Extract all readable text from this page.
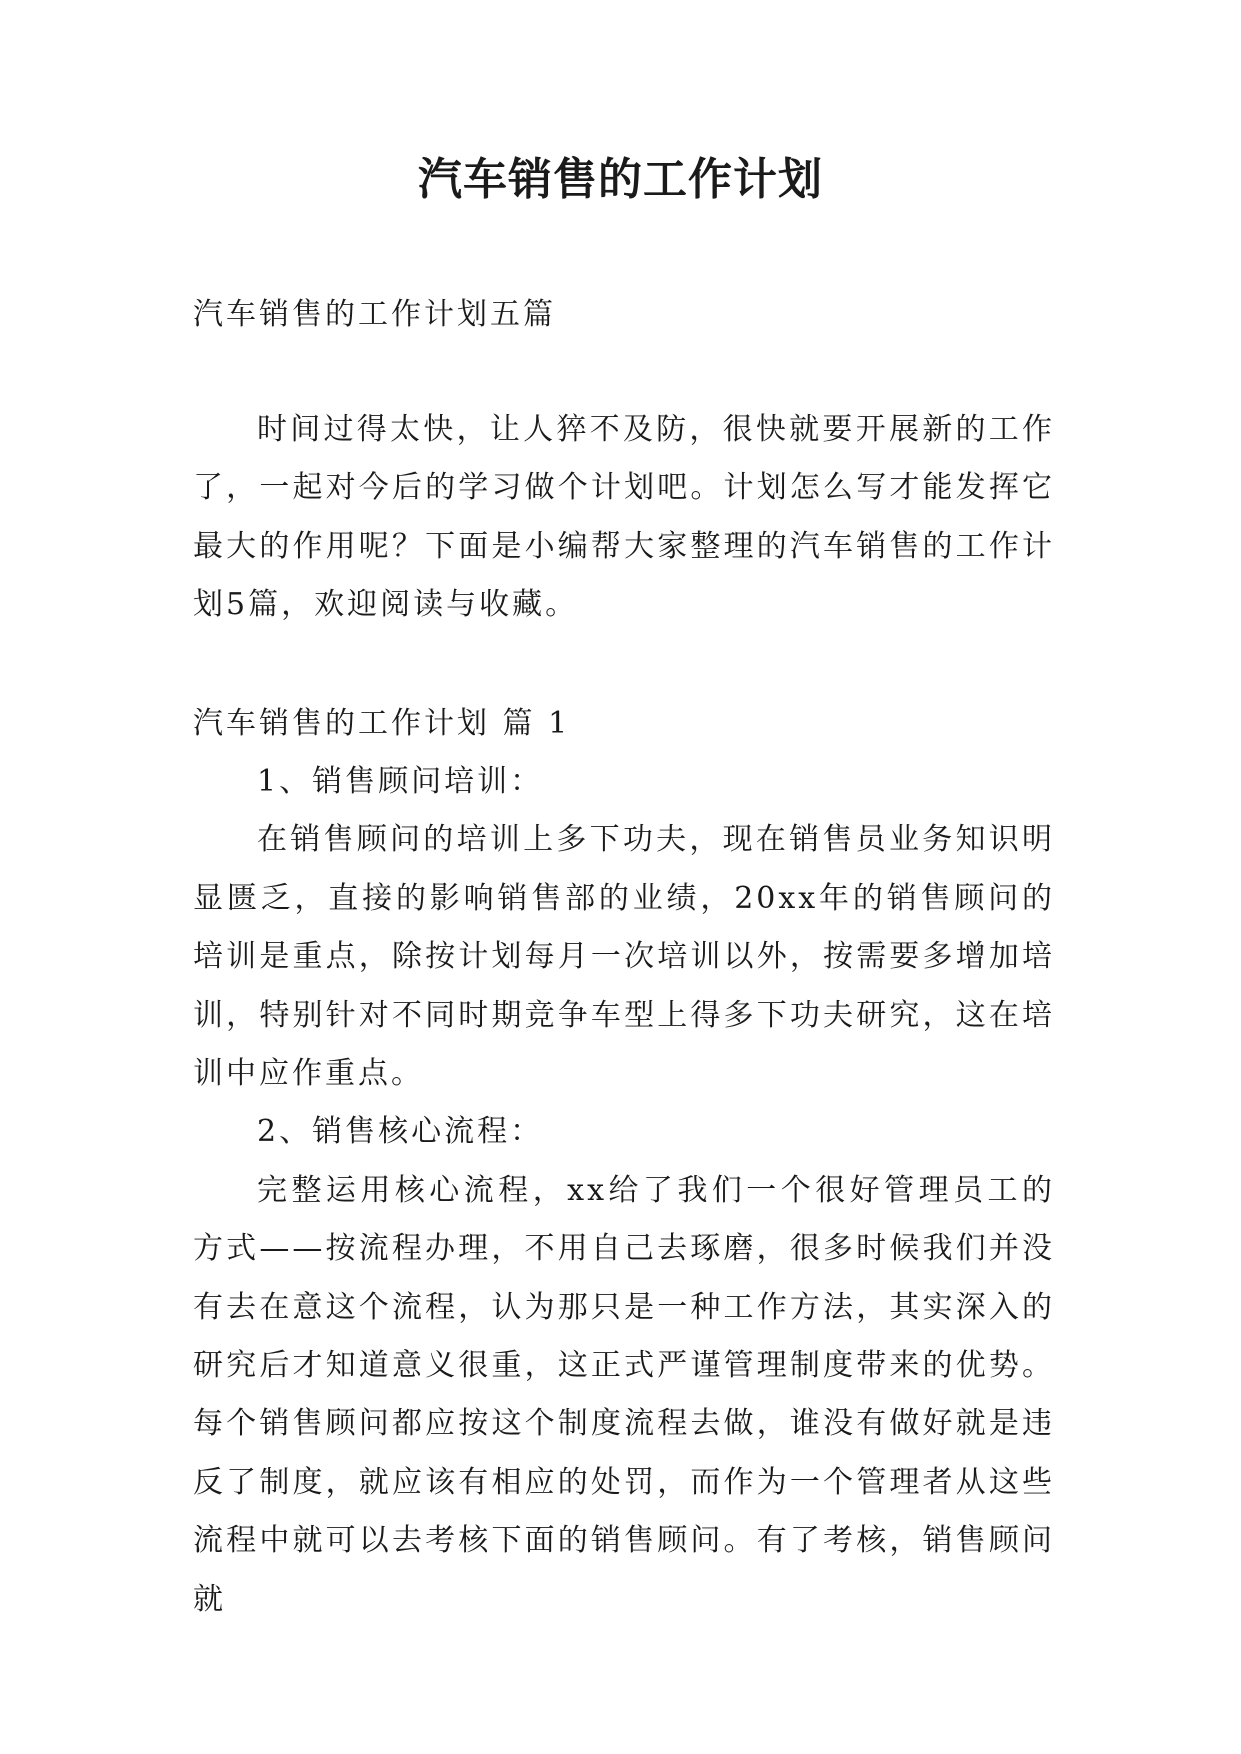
汽车销售的工作计划

汽车销售的工作计划五篇

时间过得太快，让人猝不及防，很快就要开展新的工作了，一起对今后的学习做个计划吧。计划怎么写才能发挥它最大的作用呢？下面是小编帮大家整理的汽车销售的工作计划5篇，欢迎阅读与收藏。

汽车销售的工作计划 篇 1

1、销售顾问培训：

在销售顾问的培训上多下功夫，现在销售员业务知识明显匮乏，直接的影响销售部的业绩，20xx年的销售顾问的培训是重点，除按计划每月一次培训以外，按需要多增加培训，特别针对不同时期竞争车型上得多下功夫研究，这在培训中应作重点。

2、销售核心流程：

完整运用核心流程，xx给了我们一个很好管理员工的方式——按流程办理，不用自己去琢磨，很多时候我们并没有去在意这个流程，认为那只是一种工作方法，其实深入的研究后才知道意义很重，这正式严谨管理制度带来的优势。每个销售顾问都应按这个制度流程去做，谁没有做好就是违反了制度，就应该有相应的处罚，而作为一个管理者从这些流程中就可以去考核下面的销售顾问。有了考核，销售顾问就
